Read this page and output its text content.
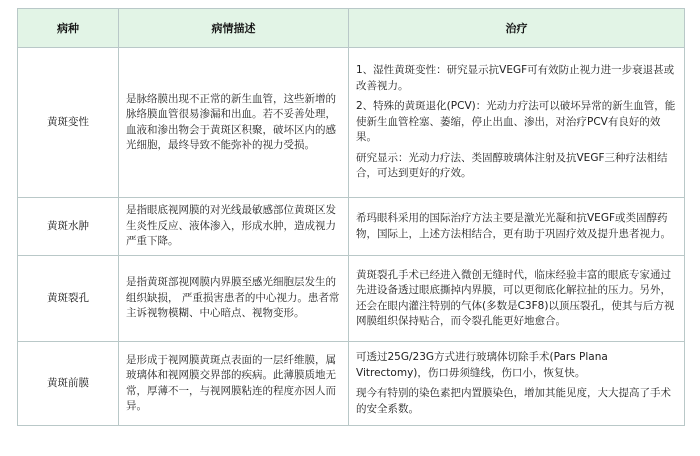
病种	病情描述	治疗
黄斑变性	是脉络膜出现不正常的新生血管，这些新增的脉络膜血管很易渗漏和出血。若不妥善处理，血液和渗出物会于黄斑区积聚，破坏区内的感光细胞，最终导致不能弥补的视力受损。	1、湿性黄斑变性：研究显示抗VEGF可有效防止视力进一步衰退甚或改善视力。

2、特殊的黄斑退化(PCV)：光动力疗法可以破坏异常的新生血管，能使新生血管栓塞、萎缩，停止出血、渗出，对治疗PCV有良好的效果。

研究显示：光动力疗法、类固醇玻璃体注射及抗VEGF三种疗法相结合，可达到更好的疗效。

黄斑水肿	是指眼底视网膜的对光线最敏感部位黄斑区发生炎性反应、液体渗入，形成水肿，造成视力严重下降。	希玛眼科采用的国际治疗方法主要是激光光凝和抗VEGF或类固醇药物，国际上，上述方法相结合，更有助于巩固疗效及提升患者视力。

黄斑裂孔	是指黄斑部视网膜内界膜至感光细胞层发生的组织缺损， 严重损害患者的中心视力。患者常主诉视物模糊、中心暗点、视物变形。	黄斑裂孔手术已经进入微创无缝时代，临床经验丰富的眼底专家通过先进设备透过眼底撕掉内界膜，可以更彻底化解拉扯的压力。另外，还会在眼内灌注特别的气体(多数是C3F8)以顶压裂孔，使其与后方视网膜组织保持贴合，而令裂孔能更好地愈合。

黄斑前膜	是形成于视网膜黄斑点表面的一层纤维膜，属玻璃体和视网膜交界部的疾病。此薄膜质地无常，厚薄不一，与视网膜粘连的程度亦因人而异。	可透过25G/23G方式进行玻璃体切除手术(Pars Plana Vitrectomy)，伤口毋须缝线，伤口小，恢复快。

现今有特别的染色素把内置膜染色，增加其能见度，大大提高了手术的安全系数。
